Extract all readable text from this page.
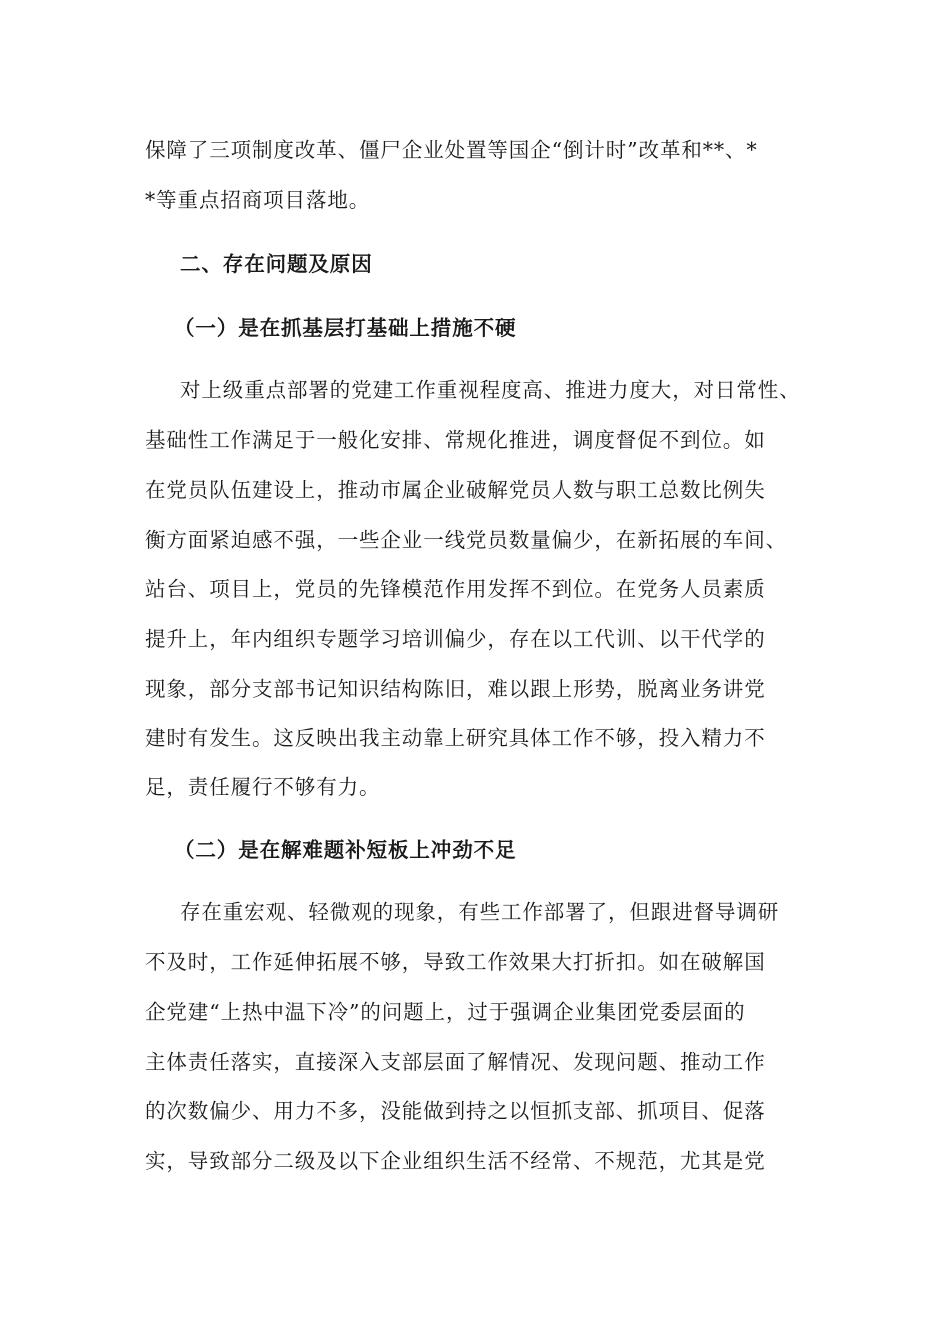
保障了三项制度改革、僵尸企业处置等国企“倒计时”改革和**、*
*等重点招商项目落地。
二、存在问题及原因
（一）是在抓基层打基础上措施不硬
对上级重点部署的党建工作重视程度高、推进力度大，对日常性、
基础性工作满足于一般化安排、常规化推进，调度督促不到位。如
在党员队伍建设上，推动市属企业破解党员人数与职工总数比例失
衡方面紧迫感不强，一些企业一线党员数量偏少，在新拓展的车间、
站台、项目上，党员的先锋模范作用发挥不到位。在党务人员素质
提升上，年内组织专题学习培训偏少，存在以工代训、以干代学的
现象，部分支部书记知识结构陈旧，难以跟上形势，脱离业务讲党
建时有发生。这反映出我主动靠上研究具体工作不够，投入精力不
足，责任履行不够有力。
（二）是在解难题补短板上冲劲不足
存在重宏观、轻微观的现象，有些工作部署了，但跟进督导调研
不及时，工作延伸拓展不够，导致工作效果大打折扣。如在破解国
企党建“上热中温下冷”的问题上，过于强调企业集团党委层面的
主体责任落实，直接深入支部层面了解情况、发现问题、推动工作
的次数偏少、用力不多，没能做到持之以恒抓支部、抓项目、促落
实，导致部分二级及以下企业组织生活不经常、不规范，尤其是党
